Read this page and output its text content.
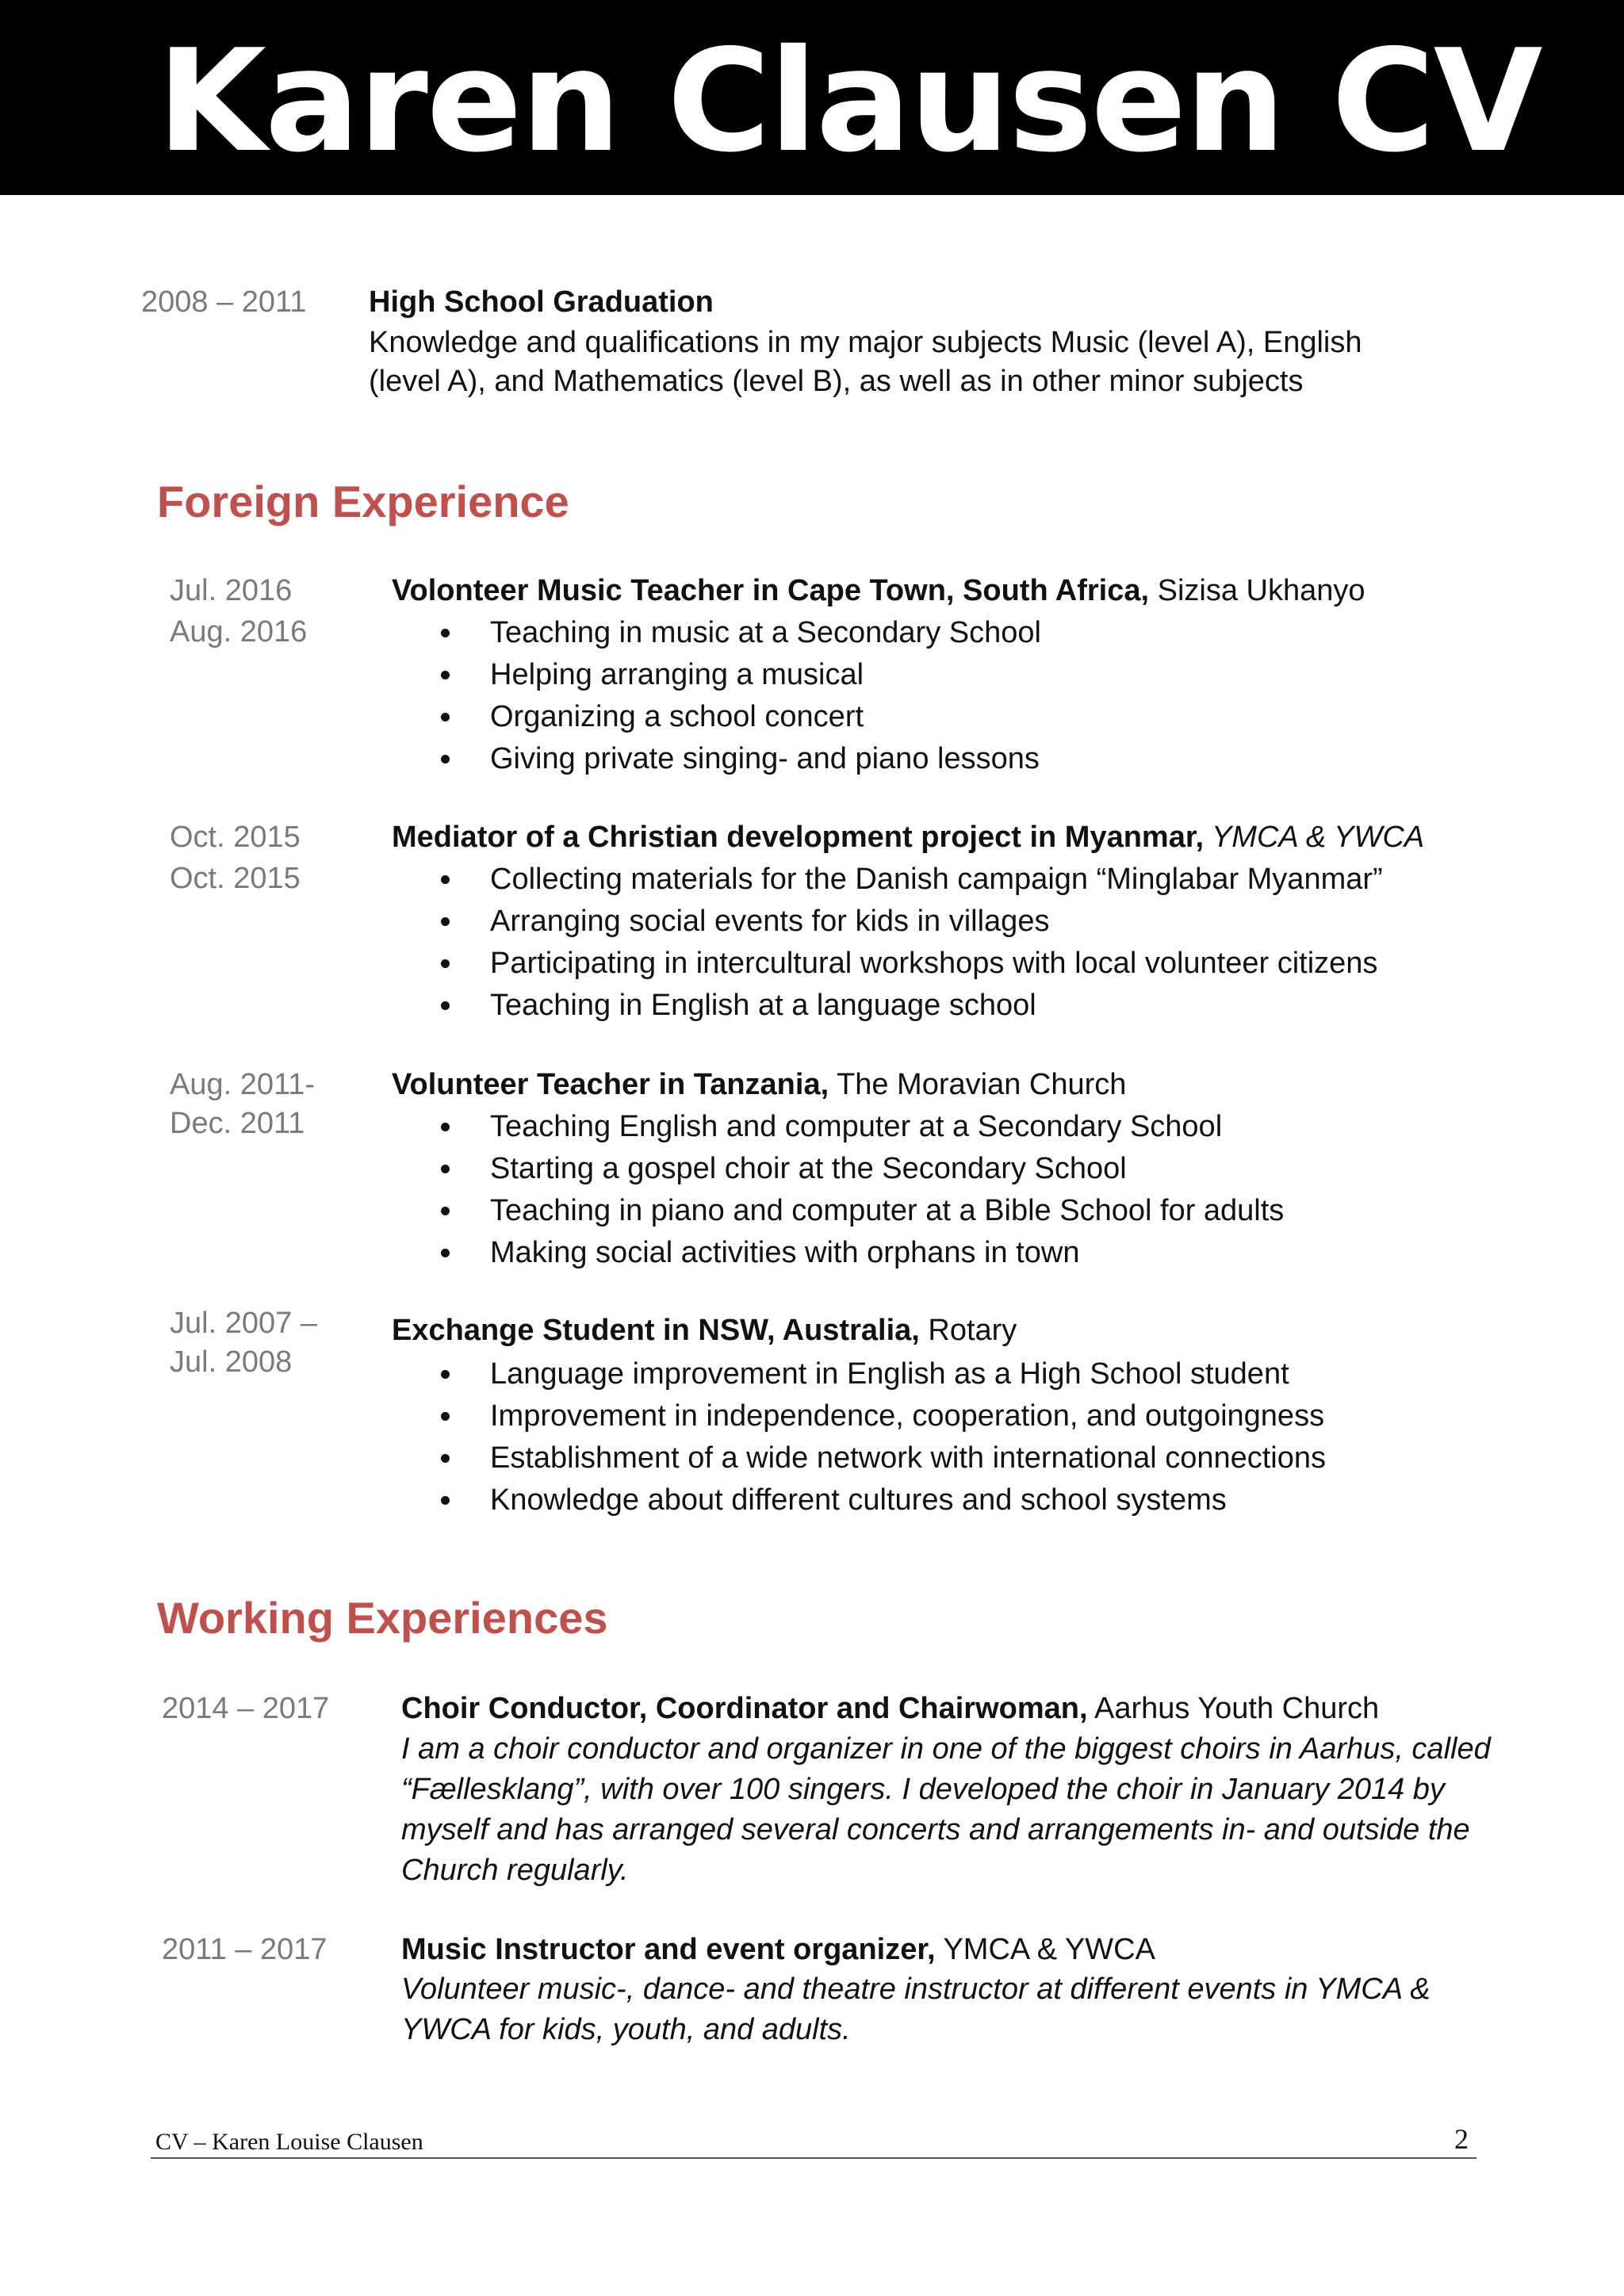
Karen Clausen CV
2008 – 2011 High School Graduation
Knowledge and qualifications in my major subjects Music (level A), English (level A), and Mathematics (level B), as well as in other minor subjects
Foreign Experience
Jul. 2016
Aug. 2016
Volonteer Music Teacher in Cape Town, South Africa, Sizisa Ukhanyo
Teaching in music at a Secondary School
Helping arranging a musical
Organizing a school concert
Giving private singing- and piano lessons
Oct. 2015
Oct. 2015
Mediator of a Christian development project in Myanmar, YMCA & YWCA
Collecting materials for the Danish campaign “Minglabar Myanmar”
Arranging social events for kids in villages
Participating in intercultural workshops with local volunteer citizens
Teaching in English at a language school
Aug. 2011-
Dec. 2011
Volunteer Teacher in Tanzania, The Moravian Church
Teaching English and computer at a Secondary School
Starting a gospel choir at the Secondary School
Teaching in piano and computer at a Bible School for adults
Making social activities with orphans in town
Jul. 2007 –
Jul. 2008
Exchange Student in NSW, Australia, Rotary
Language improvement in English as a High School student
Improvement in independence, cooperation, and outgoingness
Establishment of a wide network with international connections
Knowledge about different cultures and school systems
Working Experiences
2014 – 2017 Choir Conductor, Coordinator and Chairwoman, Aarhus Youth Church
I am a choir conductor and organizer in one of the biggest choirs in Aarhus, called “Fællesklang”, with over 100 singers. I developed the choir in January 2014 by myself and has arranged several concerts and arrangements in- and outside the Church regularly.
2011 – 2017 Music Instructor and event organizer, YMCA & YWCA
Volunteer music-, dance- and theatre instructor at different events in YMCA & YWCA for kids, youth, and adults.
CV – Karen Louise Clausen	2
